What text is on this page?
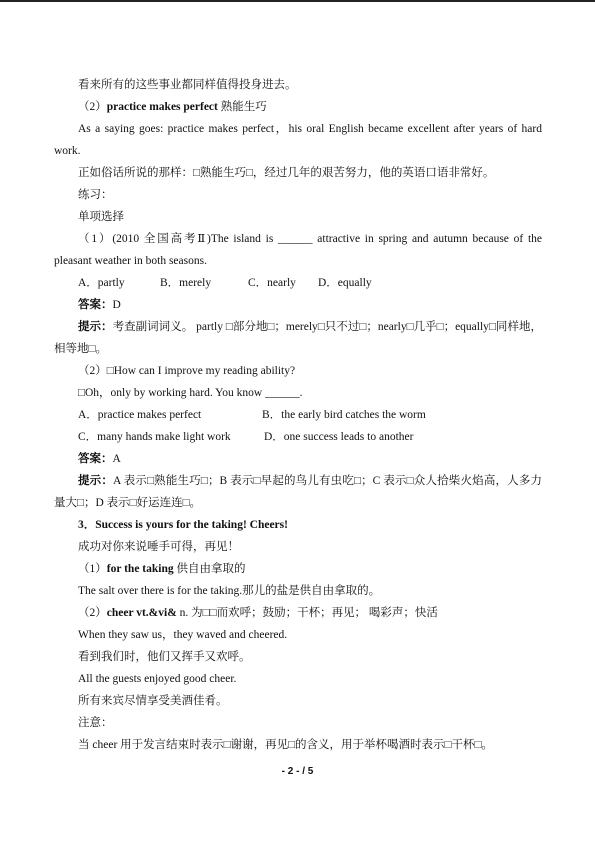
看来所有的这些事业都同样值得投身进去。

（2）practice makes perfect 熟能生巧

As a saying goes: practice makes perfect，his oral English became excellent after years of hard work.

正如俗话所说的那样：□熟能生巧□，经过几年的艰苦努力，他的英语口语非常好。

练习：

单项选择

（1）(2010 全国高考Ⅱ)The island is ______ attractive in spring and autumn because of the pleasant weather in both seasons.

A．partly	B．merely	C．nearly D．equally

答案：D

提示：考查副词词义。 partly □部分地□；merely□只不过□；nearly□几乎□；equally□同样地，相等地□。

（2）□How can I improve my reading ability?

□Oh，only by working hard. You know ______.

A．practice makes perfect	B．the early bird catches the worm
C．many hands make light work	D．one success leads to another

答案：A

提示：A 表示□熟能生巧□；B 表示□早起的鸟儿有虫吃□；C 表示□众人拾柴火焰高，人多力量大□；D 表示□好运连连□。

3．Success is yours for the taking! Cheers!

成功对你来说唾手可得，再见！

（1）for the taking 供自由拿取的

The salt over there is for the taking.那儿的盐是供自由拿取的。

（2）cheer vt.&vi& n. 为□□而欢呼；鼓励；干杯；再见； 喝彩声；快活

When they saw us，they waved and cheered.

看到我们时，他们又挥手又欢呼。

All the guests enjoyed good cheer.

所有来宾尽情享受美酒佳肴。

注意：

当 cheer 用于发言结束时表示□谢谢，再见□的含义，用于举杯喝酒时表示□干杯□。

- 2 - / 5
